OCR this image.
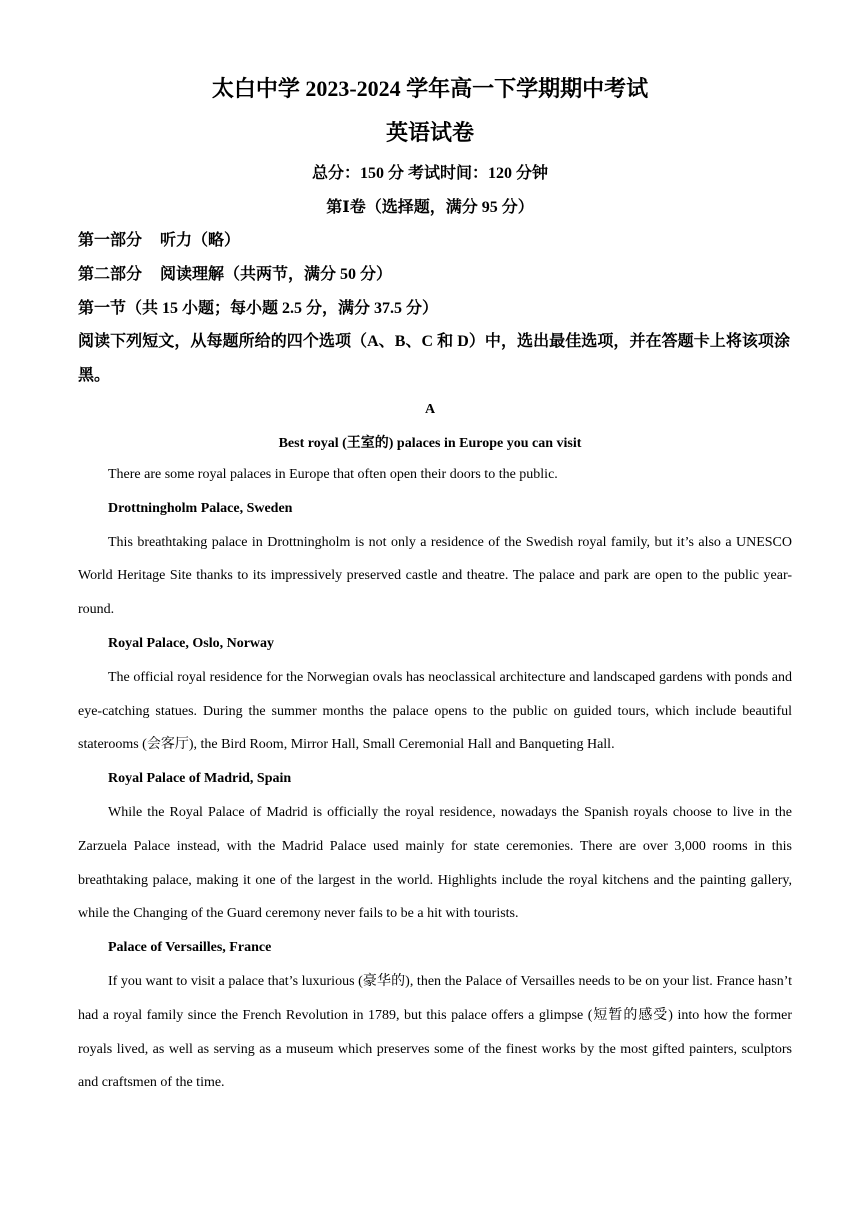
太白中学 2023-2024 学年高一下学期期中考试
英语试卷
总分：150 分 考试时间：120 分钟
第Ⅰ卷（选择题，满分 95 分）
第一部分 听力（略）
第二部分 阅读理解（共两节，满分 50 分）
第一节（共 15 小题；每小题 2.5 分，满分 37.5 分）
阅读下列短文，从每题所给的四个选项（A、B、C 和 D）中，选出最佳选项，并在答题卡上将该项涂黑。
A
Best royal (王室的) palaces in Europe you can visit

There are some royal palaces in Europe that often open their doors to the public.

Drottningholm Palace, Sweden

This breathtaking palace in Drottningholm is not only a residence of the Swedish royal family, but it’s also a UNESCO World Heritage Site thanks to its impressively preserved castle and theatre. The palace and park are open to the public year-round.

Royal Palace, Oslo, Norway

The official royal residence for the Norwegian ovals has neoclassical architecture and landscaped gardens with ponds and eye-catching statues. During the summer months the palace opens to the public on guided tours, which include beautiful staterooms (会客厅), the Bird Room, Mirror Hall, Small Ceremonial Hall and Banqueting Hall.

Royal Palace of Madrid, Spain

While the Royal Palace of Madrid is officially the royal residence, nowadays the Spanish royals choose to live in the Zarzuela Palace instead, with the Madrid Palace used mainly for state ceremonies. There are over 3,000 rooms in this breathtaking palace, making it one of the largest in the world. Highlights include the royal kitchens and the painting gallery, while the Changing of the Guard ceremony never fails to be a hit with tourists.

Palace of Versailles, France

If you want to visit a palace that’s luxurious (豪华的), then the Palace of Versailles needs to be on your list. France hasn’t had a royal family since the French Revolution in 1789, but this palace offers a glimpse (短暂的感受) into how the former royals lived, as well as serving as a museum which preserves some of the finest works by the most gifted painters, sculptors and craftsmen of the time.
